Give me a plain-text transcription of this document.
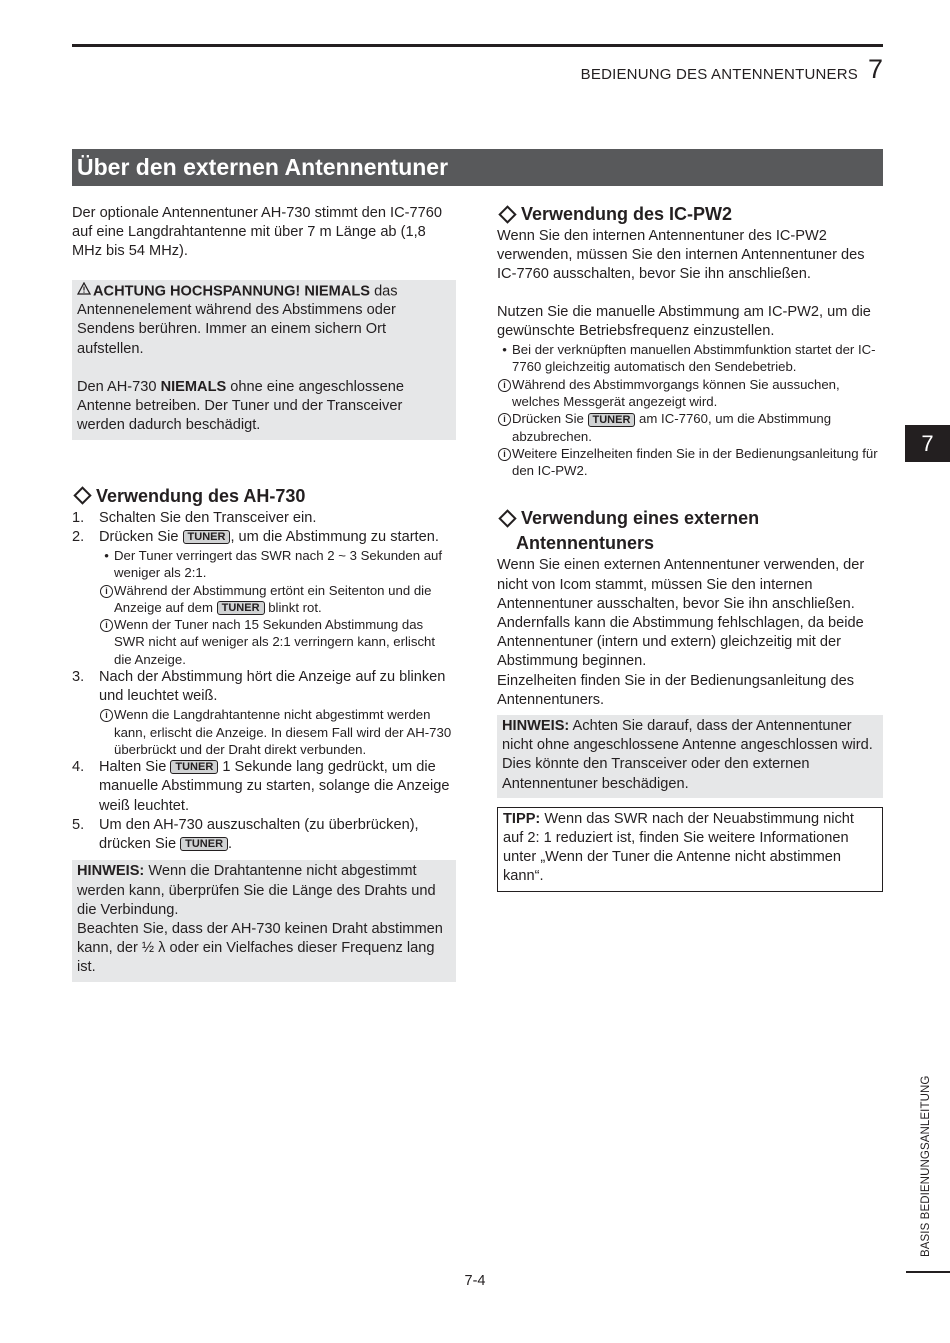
BEDIENUNG DES ANTENNENTUNERS 7
Über den externen Antennentuner

Der optionale Antennentuner AH-730 stimmt den IC-7760 auf eine Langdrahtantenne mit über 7 m Länge ab (1,8 MHz bis 54 MHz).

ACHTUNG HOCHSPANNUNG! NIEMALS das Antennenelement während des Abstimmens oder Sendens berühren. Immer an einem sichern Ort aufstellen.

Den AH-730 NIEMALS ohne eine angeschlossene Antenne betreiben. Der Tuner und der Transceiver werden dadurch beschädigt.

Verwendung des AH-730
1.	Schalten Sie den Transceiver ein.
2.	Drücken Sie TUNER , um die Abstimmung zu starten.
• Der Tuner verringert das SWR nach 2 ~ 3 Sekunden auf weniger als 2:1.
i Während der Abstimmung ertönt ein Seitenton und die Anzeige auf dem TUNER blinkt rot.
i Wenn der Tuner nach 15 Sekunden Abstimmung das SWR nicht auf weniger als 2:1 verringern kann, erlischt die Anzeige.
3.	Nach der Abstimmung hört die Anzeige auf zu blinken und leuchtet weiß.
i Wenn die Langdrahtantenne nicht abgestimmt werden kann, erlischt die Anzeige. In diesem Fall wird der AH-730 überbrückt und der Draht direkt verbunden.
4.	Halten Sie TUNER 1 Sekunde lang gedrückt, um die manuelle Abstimmung zu starten, solange die Anzeige weiß leuchtet.
5.	Um den AH-730 auszuschalten (zu überbrücken), drücken Sie TUNER .

HINWEIS: Wenn die Drahtantenne nicht abgestimmt werden kann, überprüfen Sie die Länge des Drahts und die Verbindung.

Beachten Sie, dass der AH-730 keinen Draht abstimmen kann, der ½ λ oder ein Vielfaches dieser Frequenz lang ist.

Verwendung des IC-PW2

Wenn Sie den internen Antennentuner des IC-PW2 verwenden, müssen Sie den internen Antennentuner des IC-7760 ausschalten, bevor Sie ihn anschließen.

Nutzen Sie die manuelle Abstimmung am IC-PW2, um die gewünschte Betriebsfrequenz einzustellen.

• Bei der verknüpften manuellen Abstimmfunktion startet der IC-7760 gleichzeitig automatisch den Sendebetrieb.
i Während des Abstimmvorgangs können Sie aussuchen, welches Messgerät angezeigt wird.
i Drücken Sie TUNER am IC-7760, um die Abstimmung abzubrechen.
i Weitere Einzelheiten finden Sie in der Bedienungsanleitung für den IC-PW2.
Verwendung eines externen
Antennentuners

Wenn Sie einen externen Antennentuner verwenden, der nicht von Icom stammt, müssen Sie den internen Antennentuner ausschalten, bevor Sie ihn anschließen.

Andernfalls kann die Abstimmung fehlschlagen, da beide Antennentuner (intern und extern) gleichzeitig mit der Abstimmung beginnen.

Einzelheiten finden Sie in der Bedienungsanleitung des Antennentuners.

HINWEIS: Achten Sie darauf, dass der Antennentuner nicht ohne angeschlossene Antenne angeschlossen wird. Dies könnte den Transceiver oder den externen Antennentuner beschädigen.

TIPP: Wenn das SWR nach der Neuabstimmung nicht auf 2: 1 reduziert ist, finden Sie weitere Informationen unter „Wenn der Tuner die Antenne nicht abstimmen kann“.

7
BASIS BEDIENUNGSANLEITUNG
7-4
